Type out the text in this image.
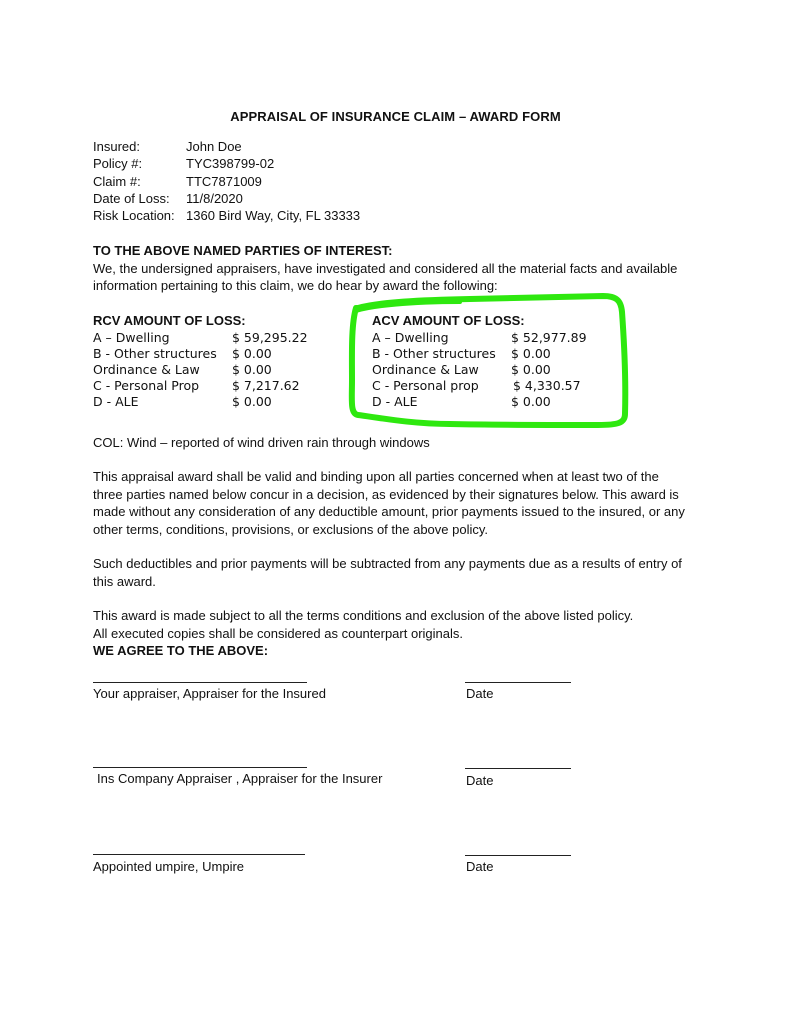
APPRAISAL OF INSURANCE CLAIM – AWARD FORM
Insured:	John Doe
Policy #:	TYC398799-02
Claim #:	TTC7871009
Date of Loss: 11/8/2020
Risk Location: 1360 Bird Way, City, FL 33333
TO THE ABOVE NAMED PARTIES OF INTEREST:
We, the undersigned appraisers, have investigated and considered all the material facts and available
information pertaining to this claim, we do hear by award the following:
RCV AMOUNT OF LOSS:
A – Dwelling	$ 59,295.22
B - Other structures $ 0.00
Ordinance & Law	$ 0.00
C - Personal Prop	$ 7,217.62
D - ALE	$ 0.00
ACV AMOUNT OF LOSS:
A – Dwelling	$ 52,977.89
B - Other structures $ 0.00
Ordinance & Law	$ 0.00
C - Personal prop	$ 4,330.57
D - ALE	$ 0.00
COL: Wind – reported of wind driven rain through windows
This appraisal award shall be valid and binding upon all parties concerned when at least two of the
three parties named below concur in a decision, as evidenced by their signatures below. This award is
made without any consideration of any deductible amount, prior payments issued to the insured, or any
other terms, conditions, provisions, or exclusions of the above policy.
Such deductibles and prior payments will be subtracted from any payments due as a results of entry of
this award.
This award is made subject to all the terms conditions and exclusion of the above listed policy.
All executed copies shall be considered as counterpart originals.
WE AGREE TO THE ABOVE:
Your appraiser, Appraiser for the Insured	Date
Ins Company Appraiser , Appraiser for the Insurer	Date
Appointed umpire, Umpire	Date
